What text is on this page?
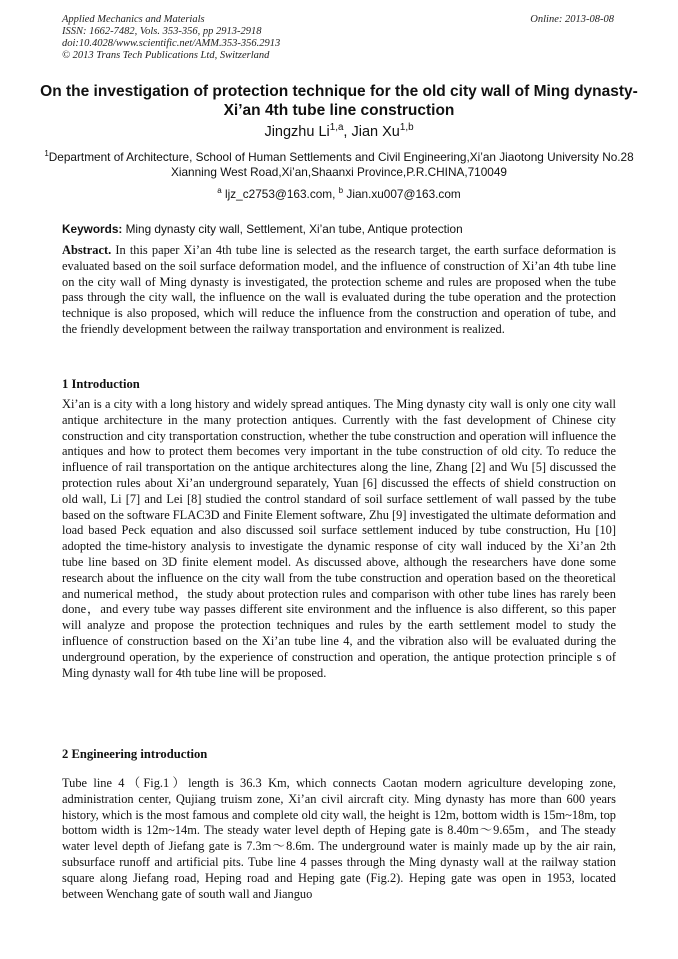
Applied Mechanics and Materials
ISSN: 1662-7482, Vols. 353-356, pp 2913-2918
doi:10.4028/www.scientific.net/AMM.353-356.2913
© 2013 Trans Tech Publications Ltd, Switzerland
Online: 2013-08-08
On the investigation of protection technique for the old city wall of Ming dynasty- Xi’an 4th tube line construction
Jingzhu Li$^{1,a}$, Jian Xu$^{1,b}$
$^1$Department of Architecture, School of Human Settlements and Civil Engineering,Xi’an Jiaotong University No.28 Xianning West Road,Xi’an,Shaanxi Province,P.R.CHINA,710049
$^a$ ljz_c2753@163.com, $^b$ Jian.xu007@163.com
Keywords: Ming dynasty city wall, Settlement, Xi’an tube, Antique protection
Abstract. In this paper Xi’an 4th tube line is selected as the research target, the earth surface deformation is evaluated based on the soil surface deformation model, and the influence of construction of Xi’an 4th tube line on the city wall of Ming dynasty is investigated, the protection scheme and rules are proposed when the tube pass through the city wall, the influence on the wall is evaluated during the tube operation and the protection technique is also proposed, which will reduce the influence from the construction and operation of tube, and the friendly development between the railway transportation and environment is realized.
1 Introduction
Xi’an is a city with a long history and widely spread antiques. The Ming dynasty city wall is only one city wall antique architecture in the many protection antiques. Currently with the fast development of Chinese city construction and city transportation construction, whether the tube construction and operation will influence the antiques and how to protect them becomes very important in the tube construction of old city. To reduce the influence of rail transportation on the antique architectures along the line, Zhang [2] and Wu [5] discussed the protection rules about Xi’an underground separately, Yuan [6] discussed the effects of shield construction on old wall, Li [7] and Lei [8] studied the control standard of soil surface settlement of wall passed by the tube based on the software FLAC3D and Finite Element software, Zhu [9] investigated the ultimate deformation and load based Peck equation and also discussed soil surface settlement induced by tube construction, Hu [10] adopted the time-history analysis to investigate the dynamic response of city wall induced by the Xi’an 2th tube line based on 3D finite element model. As discussed above, although the researchers have done some research about the influence on the city wall from the tube construction and operation based on the theoretical and numerical method，the study about protection rules and comparison with other tube lines has rarely been done，and every tube way passes different site environment and the influence is also different, so this paper will analyze and propose the protection techniques and rules by the earth settlement model to study the influence of construction based on the Xi’an tube line 4, and the vibration also will be evaluated during the underground operation, by the experience of construction and operation, the antique protection principle s of Ming dynasty wall for 4th tube line will be proposed.
2 Engineering introduction
Tube line 4（Fig.1）length is 36.3 Km, which connects Caotan modern agriculture developing zone, administration center, Qujiang truism zone, Xi’an civil aircraft city. Ming dynasty has more than 600 years history, which is the most famous and complete old city wall, the height is 12m, bottom width is 15m~18m, top bottom width is 12m~14m. The steady water level depth of Heping gate is 8.40m～9.65m，and The steady water level depth of Jiefang gate is 7.3m～8.6m. The underground water is mainly made up by the air rain, subsurface runoff and artificial pits. Tube line 4 passes through the Ming dynasty wall at the railway station square along Jiefang road, Heping road and Heping gate (Fig.2). Heping gate was open in 1953, located between Wenchang gate of south wall and Jianguo
